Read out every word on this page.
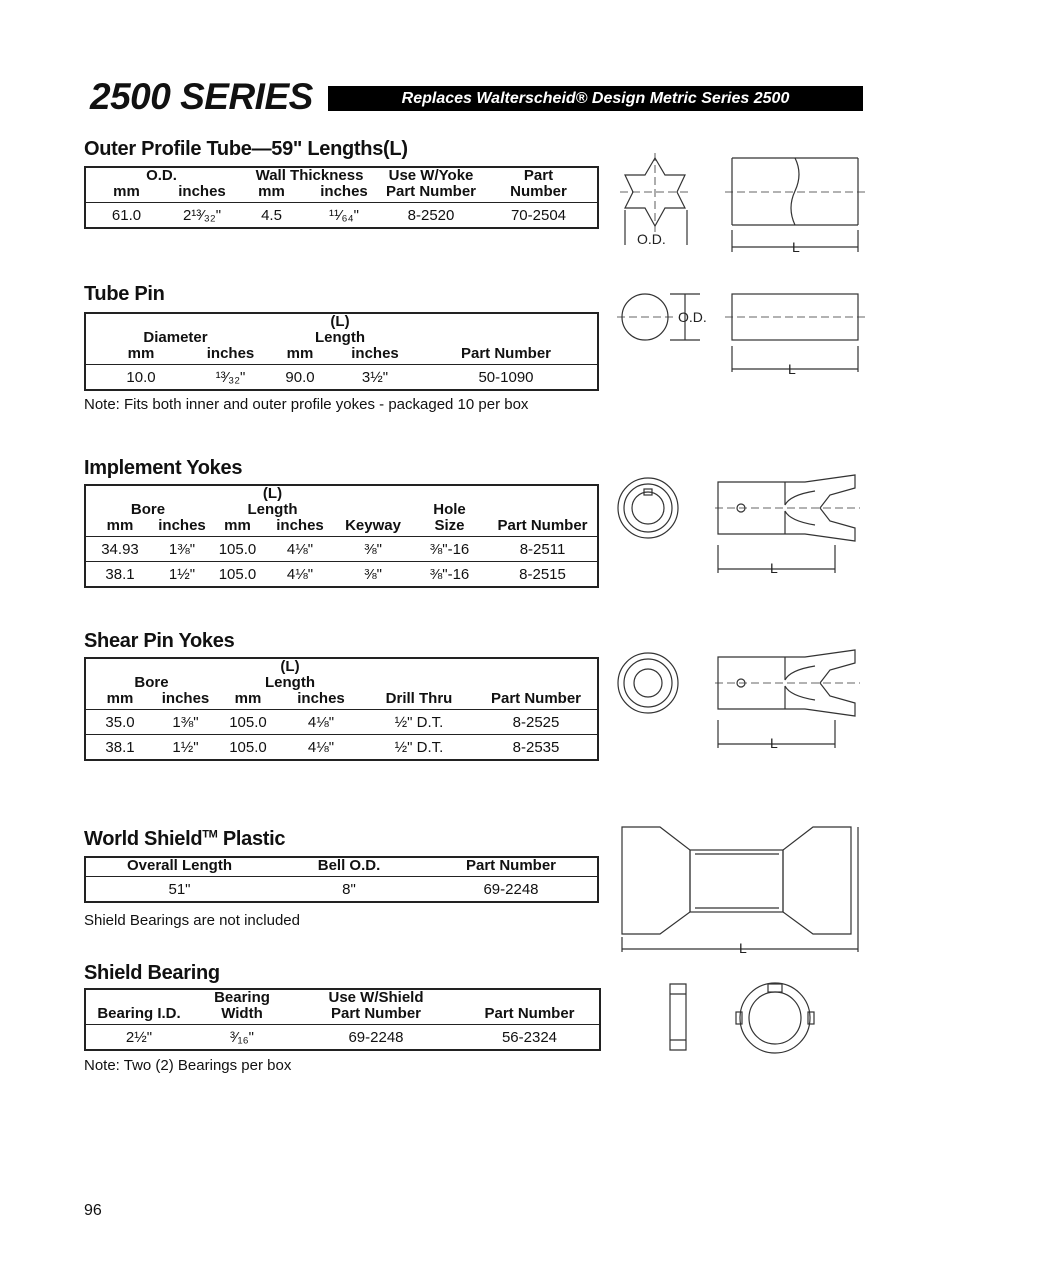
2500 SERIES	Replaces Walterscheid® Design Metric Series 2500
Outer Profile Tube—59" Lengths(L)
O.D.		Wall Thickness		Use W/Yoke	Part
mm	inches	mm	inches	Part Number	Number
61.0	2¹³⁄₃₂"	4.5	¹¹⁄₆₄"	8-2520	70-2504
Tube Pin
		(L)		
Diameter		Length		
mm	inches	mm	inches	Part Number
10.0	¹³⁄₃₂"	90.0	3½"	50-1090
Note: Fits both inner and outer profile yokes - packaged 10 per box
Implement Yokes
		(L)				
Bore		Length			Hole	
mm	inches	mm	inches	Keyway	Size	Part Number
34.93	1⅜"	105.0	4⅛"	⅜"	⅜"-16	8-2511
38.1	1½"	105.0	4⅛"	⅜"	⅜"-16	8-2515
Shear Pin Yokes
		(L)			
Bore		Length			
mm	inches	mm	inches	Drill Thru	Part Number
35.0	1⅜"	105.0	4⅛"	½" D.T.	8-2525
38.1	1½"	105.0	4⅛"	½" D.T.	8-2535
World Shield™ Plastic
Overall Length	Bell O.D.	Part Number
51"	8"	69-2248
Shield Bearings are not included
Shield Bearing
	Bearing	Use W/Shield	
Bearing I.D.	Width	Part Number	Part Number
2½"	³⁄₁₆"	69-2248	56-2324
Note: Two (2) Bearings per box
96
O.D.	L
O.D.
L
L
L
L
